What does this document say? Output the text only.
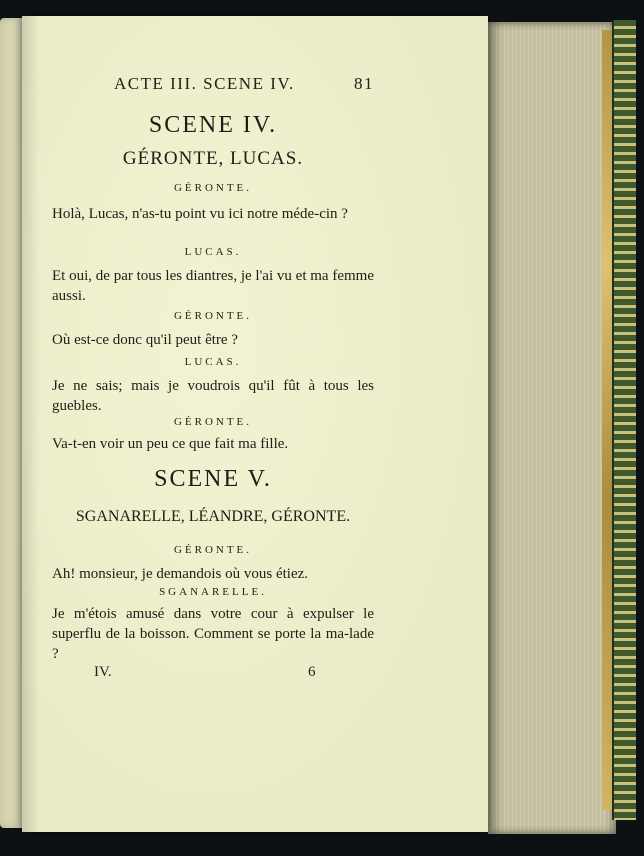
ACTE III. SCENE IV.	81
SCENE IV.
GÉRONTE, LUCAS.
GÉRONTE.
Holà, Lucas, n'as-tu point vu ici notre méde-cin ?
LUCAS.
Et oui, de par tous les diantres, je l'ai vu et ma femme aussi.
GÉRONTE.
Où est-ce donc qu'il peut être ?
LUCAS.
Je ne sais; mais je voudrois qu'il fût à tous les guebles.
GÉRONTE.
Va-t-en voir un peu ce que fait ma fille.
SCENE V.
SGANARELLE, LÉANDRE, GÉRONTE.
GÉRONTE.
Ah! monsieur, je demandois où vous étiez.
SGANARELLE.
Je m'étois amusé dans votre cour à expulser le superflu de la boisson. Comment se porte la ma-lade ?
IV.	6
